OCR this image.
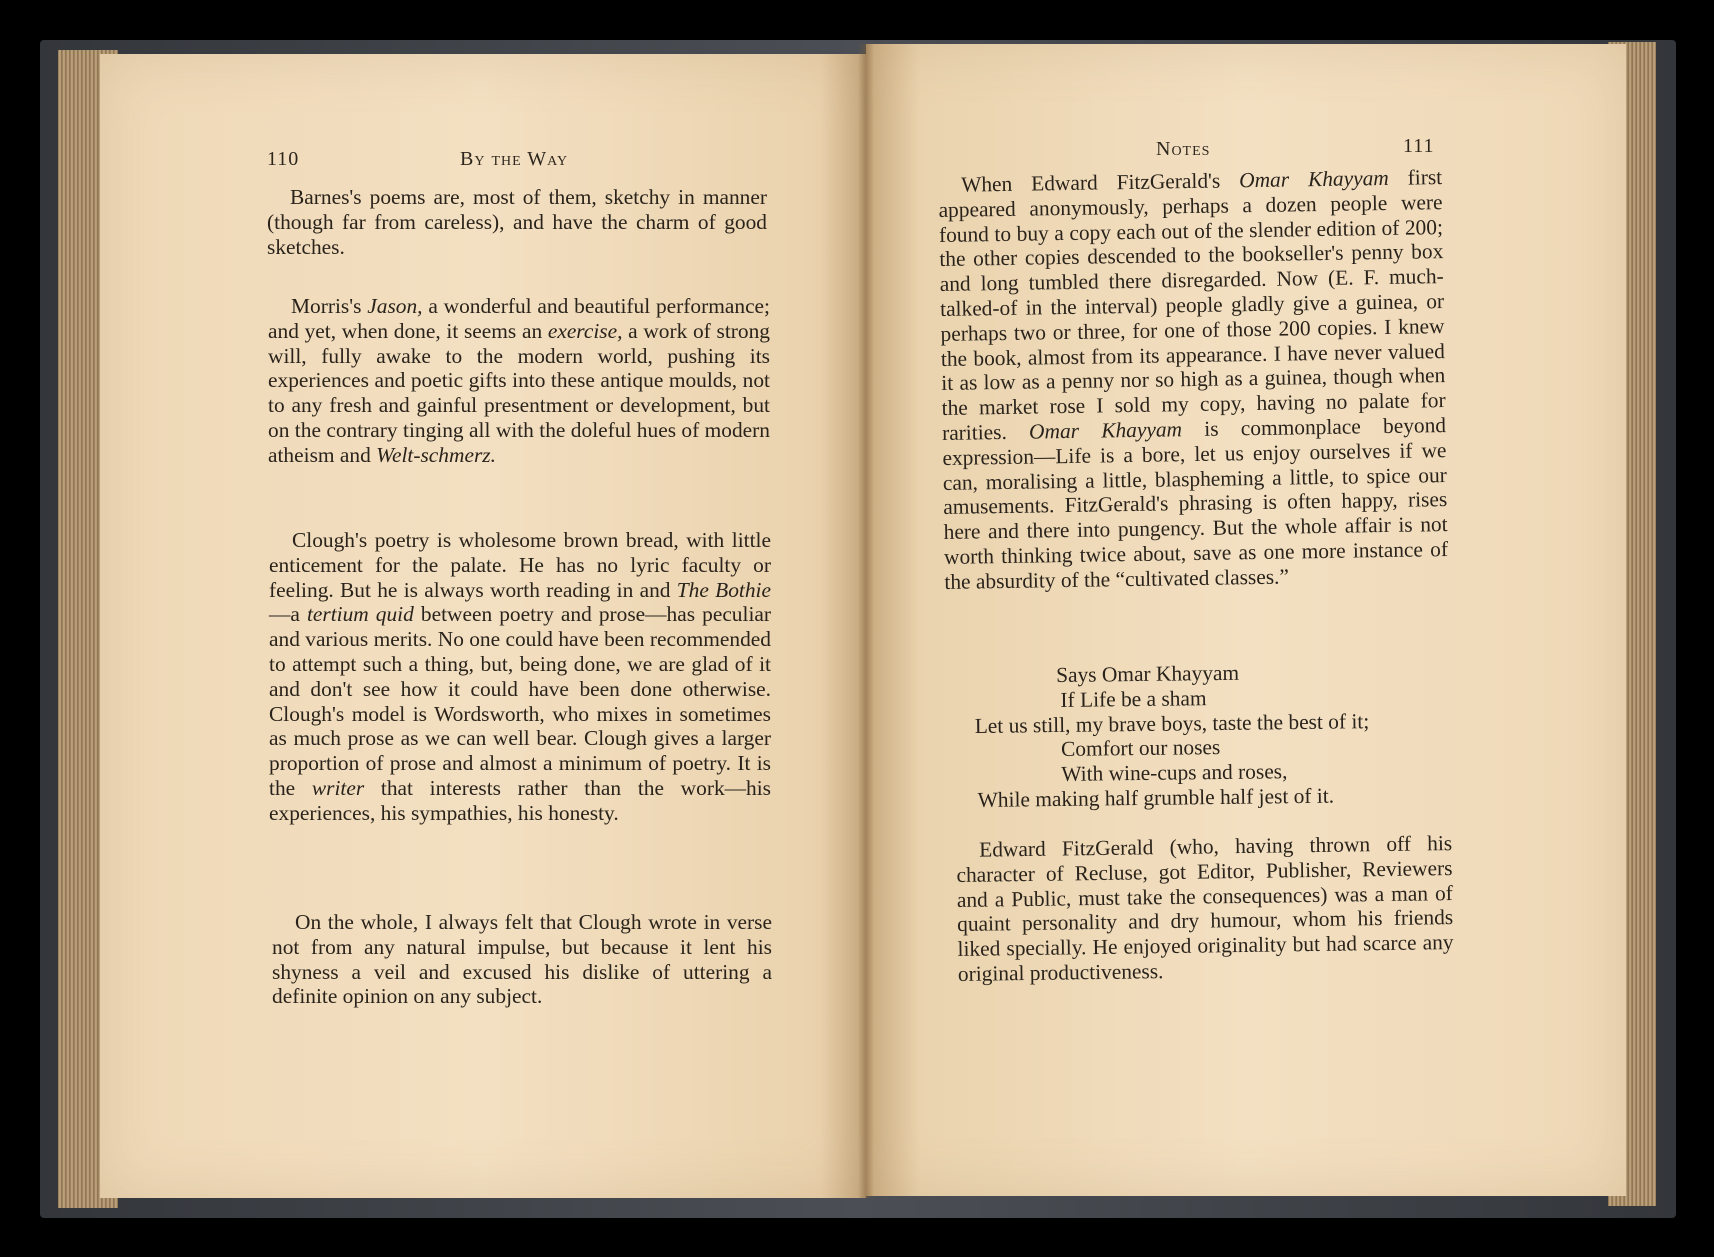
110	By the Way

Barnes's poems are, most of them, sketchy in manner (though far from careless), and have the charm of good sketches.

Morris's Jason, a wonderful and beautiful performance; and yet, when done, it seems an exercise, a work of strong will, fully awake to the modern world, pushing its experiences and poetic gifts into these antique moulds, not to any fresh and gainful presentment or development, but on the contrary tinging all with the doleful hues of modern atheism and Welt-schmerz.

Clough's poetry is wholesome brown bread, with little enticement for the palate. He has no lyric faculty or feeling. But he is always worth reading in and The Bothie—a tertium quid between poetry and prose—has peculiar and various merits. No one could have been recommended to attempt such a thing, but, being done, we are glad of it and don't see how it could have been done otherwise. Clough's model is Wordsworth, who mixes in sometimes as much prose as we can well bear. Clough gives a larger proportion of prose and almost a minimum of poetry. It is the writer that interests rather than the work—his experiences, his sympathies, his honesty.

On the whole, I always felt that Clough wrote in verse not from any natural impulse, but because it lent his shyness a veil and excused his dislike of uttering a definite opinion on any subject.

Notes	111

When Edward FitzGerald's Omar Khayyam first appeared anonymously, perhaps a dozen people were found to buy a copy each out of the slender edition of 200; the other copies descended to the bookseller's penny box and long tumbled there disregarded. Now (E. F. much-talked-of in the interval) people gladly give a guinea, or perhaps two or three, for one of those 200 copies. I knew the book, almost from its appearance. I have never valued it as low as a penny nor so high as a guinea, though when the market rose I sold my copy, having no palate for rarities. Omar Khayyam is commonplace beyond expression—Life is a bore, let us enjoy ourselves if we can, moralising a little, blaspheming a little, to spice our amusements. FitzGerald's phrasing is often happy, rises here and there into pungency. But the whole affair is not worth thinking twice about, save as one more instance of the absurdity of the “cultivated classes.”

Says Omar Khayyam
If Life be a sham
Let us still, my brave boys, taste the best of it;
Comfort our noses
With wine-cups and roses,
While making half grumble half jest of it.

Edward FitzGerald (who, having thrown off his character of Recluse, got Editor, Publisher, Reviewers and a Public, must take the consequences) was a man of quaint personality and dry humour, whom his friends liked specially. He enjoyed originality but had scarce any original productiveness.
